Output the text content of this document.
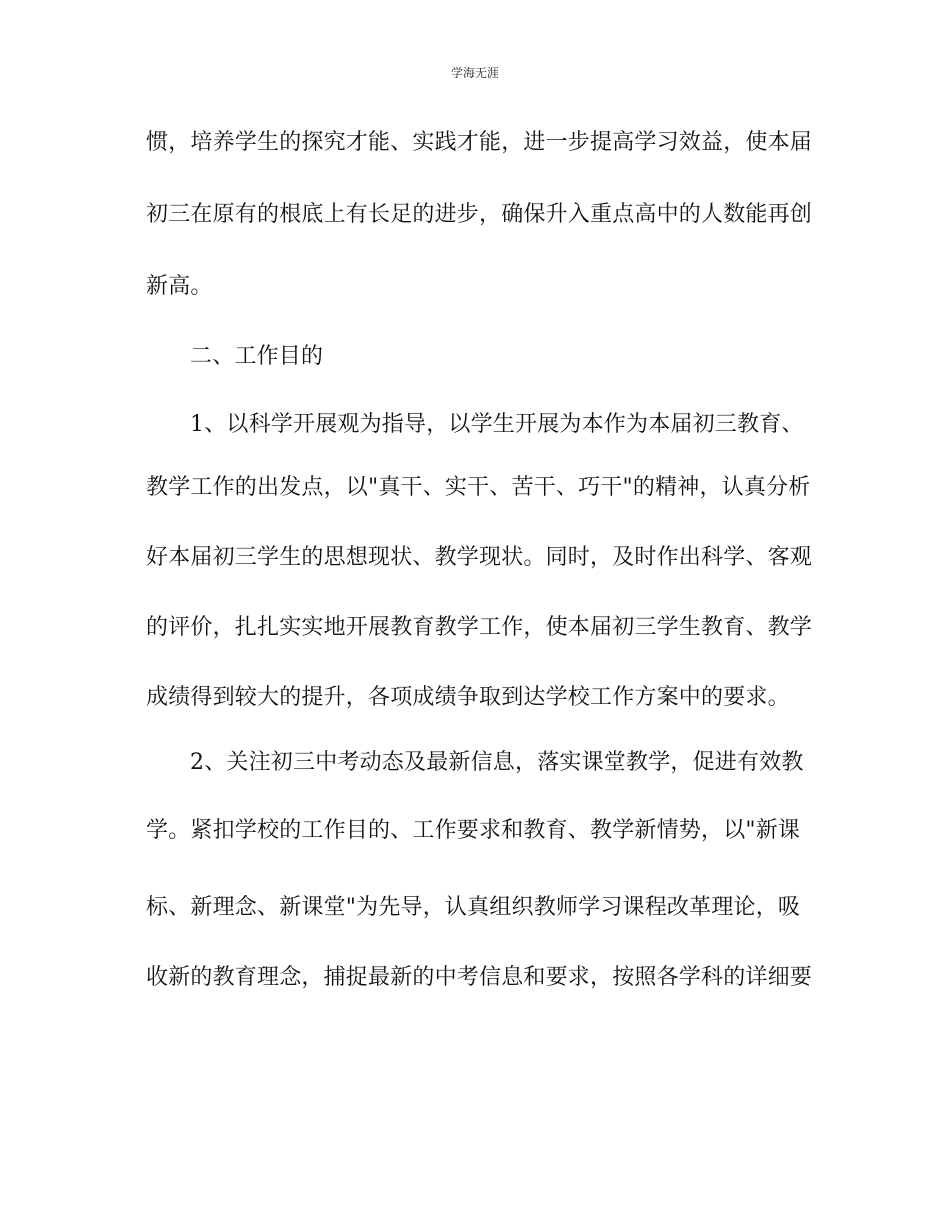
学海无涯
惯，培养学生的探究才能、实践才能，进一步提高学习效益，使本届
初三在原有的根底上有长足的进步，确保升入重点高中的人数能再创
新高。
二、工作目的
1、以科学开展观为指导，以学生开展为本作为本届初三教育、
教学工作的出发点，以"真干、实干、苦干、巧干"的精神，认真分析
好本届初三学生的思想现状、教学现状。同时，及时作出科学、客观
的评价，扎扎实实地开展教育教学工作，使本届初三学生教育、教学
成绩得到较大的提升，各项成绩争取到达学校工作方案中的要求。
2、关注初三中考动态及最新信息，落实课堂教学，促进有效教
学。紧扣学校的工作目的、工作要求和教育、教学新情势，以"新课
标、新理念、新课堂"为先导，认真组织教师学习课程改革理论，吸
收新的教育理念，捕捉最新的中考信息和要求，按照各学科的详细要
